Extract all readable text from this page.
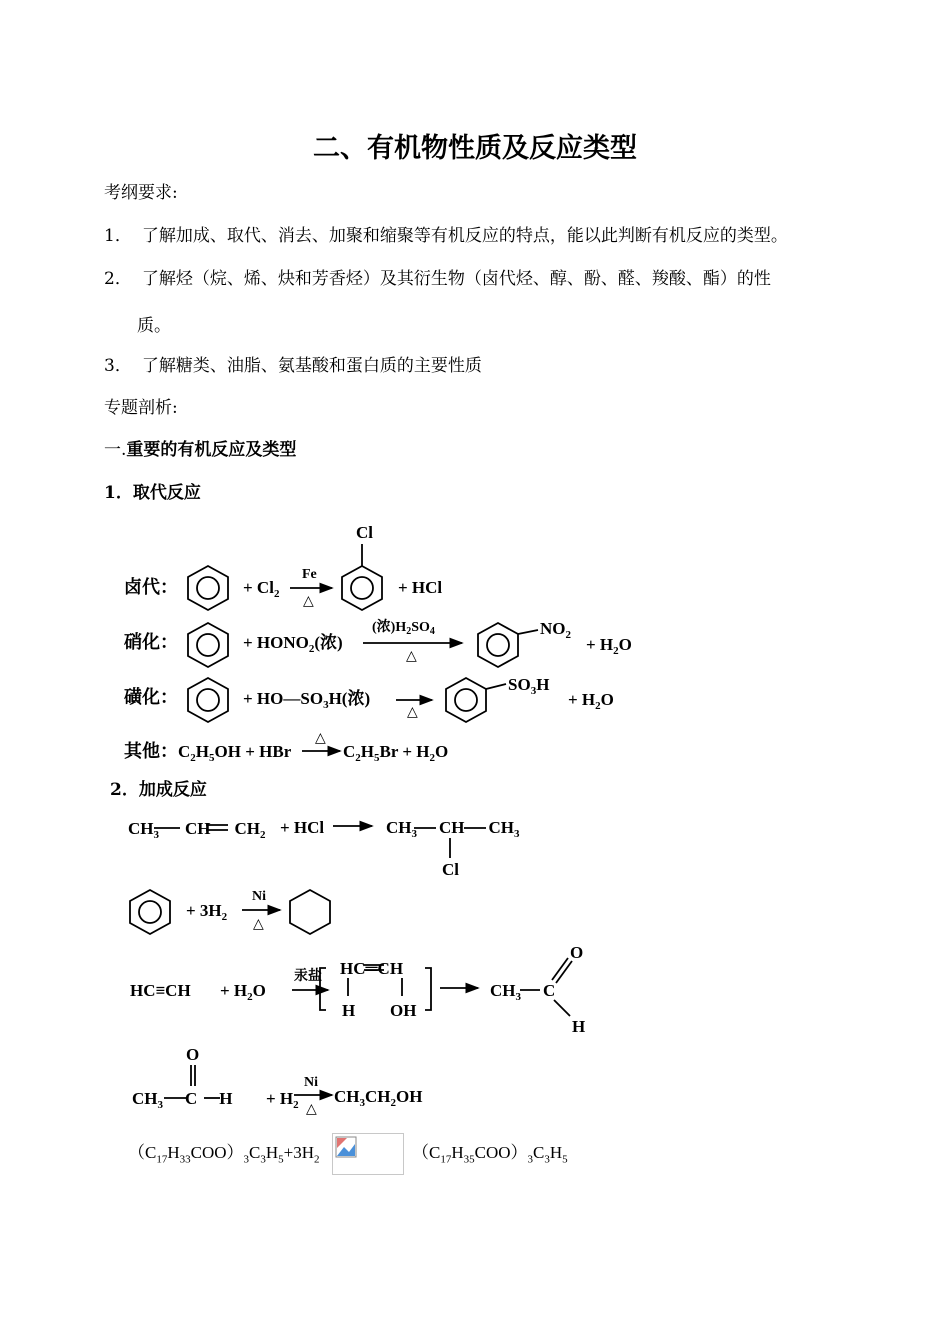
二、有机物性质及反应类型
考纲要求:
1． 了解加成、取代、消去、加聚和缩聚等有机反应的特点，能以此判断有机反应的类型。
2． 了解烃（烷、烯、炔和芳香烃）及其衍生物（卤代烃、醇、酚、醛、羧酸、酯）的性
质。
3． 了解糖类、油脂、氨基酸和蛋白质的主要性质
专题剖析:
一.重要的有机反应及类型
1．取代反应
卤代：	+ $Cl_2$
Fe
△
Cl
+ HCl
硝化：	+ $HONO_2$(浓)
(浓)$H_2SO_4$
△
$NO_2 + H_2O$
磺化：	+ $HO—SO_3H$(浓)
△
$SO_3H$
+ $H_2O$
其他： $C_2H_5OH$ + HBr
△
$C_2H_5Br + H_2O$
2．加成反应
$CH_3$ CH $CH_2$ + HCl	$CH_3$ CH $CH_3$
Cl
+ $3H_2$
Ni
△
$HC\equiv CH + H_2O$
汞盐 HC═CH
H OH
$CH_3$ C
O
H
O
$CH_3$ C $H + H_2$
Ni
△
$CH_3CH_2OH$
$(C_{17}H_{33}COO)_3C_3H_5+3H_2$	$(C_{17}H_{35}COO)_3C_3H_5$
